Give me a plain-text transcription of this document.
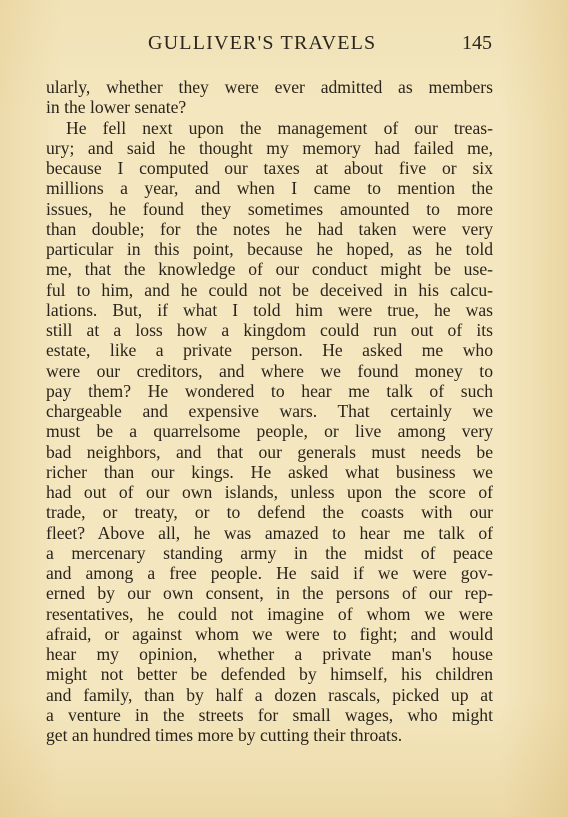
GULLIVER'S TRAVELS	145
ularly, whether they were ever admitted as members
in the lower senate?
He fell next upon the management of our treas-
ury; and said he thought my memory had failed me,
because I computed our taxes at about five or six
millions a year, and when I came to mention the
issues, he found they sometimes amounted to more
than double; for the notes he had taken were very
particular in this point, because he hoped, as he told
me, that the knowledge of our conduct might be use-
ful to him, and he could not be deceived in his calcu-
lations. But, if what I told him were true, he was
still at a loss how a kingdom could run out of its
estate, like a private person. He asked me who
were our creditors, and where we found money to
pay them? He wondered to hear me talk of such
chargeable and expensive wars. That certainly we
must be a quarrelsome people, or live among very
bad neighbors, and that our generals must needs be
richer than our kings. He asked what business we
had out of our own islands, unless upon the score of
trade, or treaty, or to defend the coasts with our
fleet? Above all, he was amazed to hear me talk of
a mercenary standing army in the midst of peace
and among a free people. He said if we were gov-
erned by our own consent, in the persons of our rep-
resentatives, he could not imagine of whom we were
afraid, or against whom we were to fight; and would
hear my opinion, whether a private man's house
might not better be defended by himself, his children
and family, than by half a dozen rascals, picked up at
a venture in the streets for small wages, who might
get an hundred times more by cutting their throats.
